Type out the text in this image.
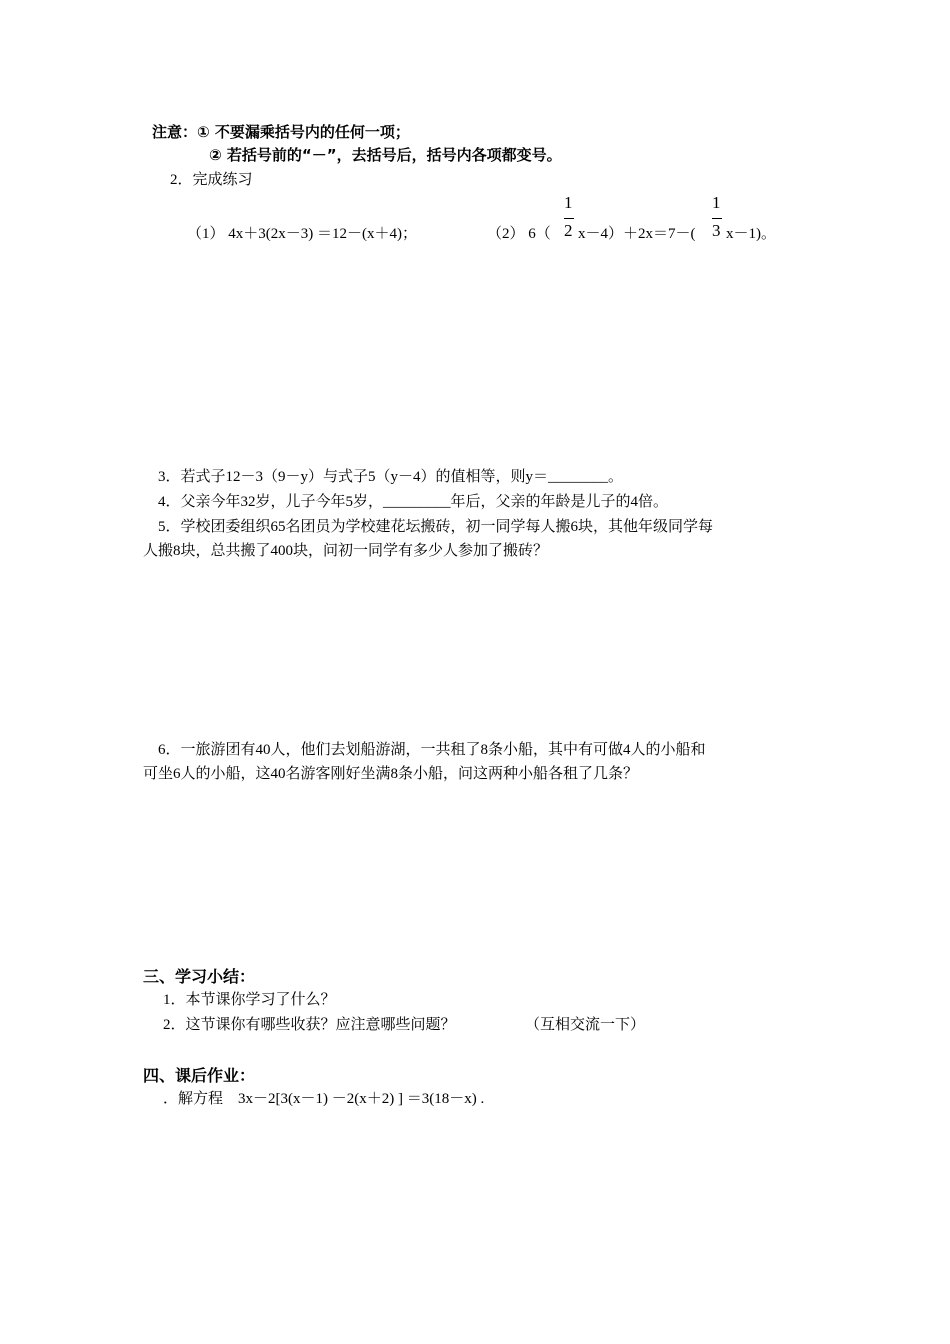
注意：① 不要漏乘括号内的任何一项；
② 若括号前的“－”，去括号后，括号内各项都变号。
2．完成练习
（1） 4x＋3(2x－3) ＝12－(x＋4)；	（2） 6（
1
2 x－4）＋2x＝7－(
1
3 x－1)。
3．若式子12－3（9－y）与式子5（y－4）的值相等，则y＝________。
4．父亲今年32岁，儿子今年5岁，_________年后，父亲的年龄是儿子的4倍。
5．学校团委组织65名团员为学校建花坛搬砖，初一同学每人搬6块，其他年级同学每
人搬8块，总共搬了400块，问初一同学有多少人参加了搬砖？
6．一旅游团有40人，他们去划船游湖，一共租了8条小船，其中有可做4人的小船和
可坐6人的小船，这40名游客刚好坐满8条小船，问这两种小船各租了几条？
三、学习小结：
1．本节课你学习了什么？
2．这节课你有哪些收获？应注意哪些问题？	（互相交流一下）
四、课后作业：
．解方程　3x－2[3(x－1) －2(x＋2) ] ＝3(18－x) .
